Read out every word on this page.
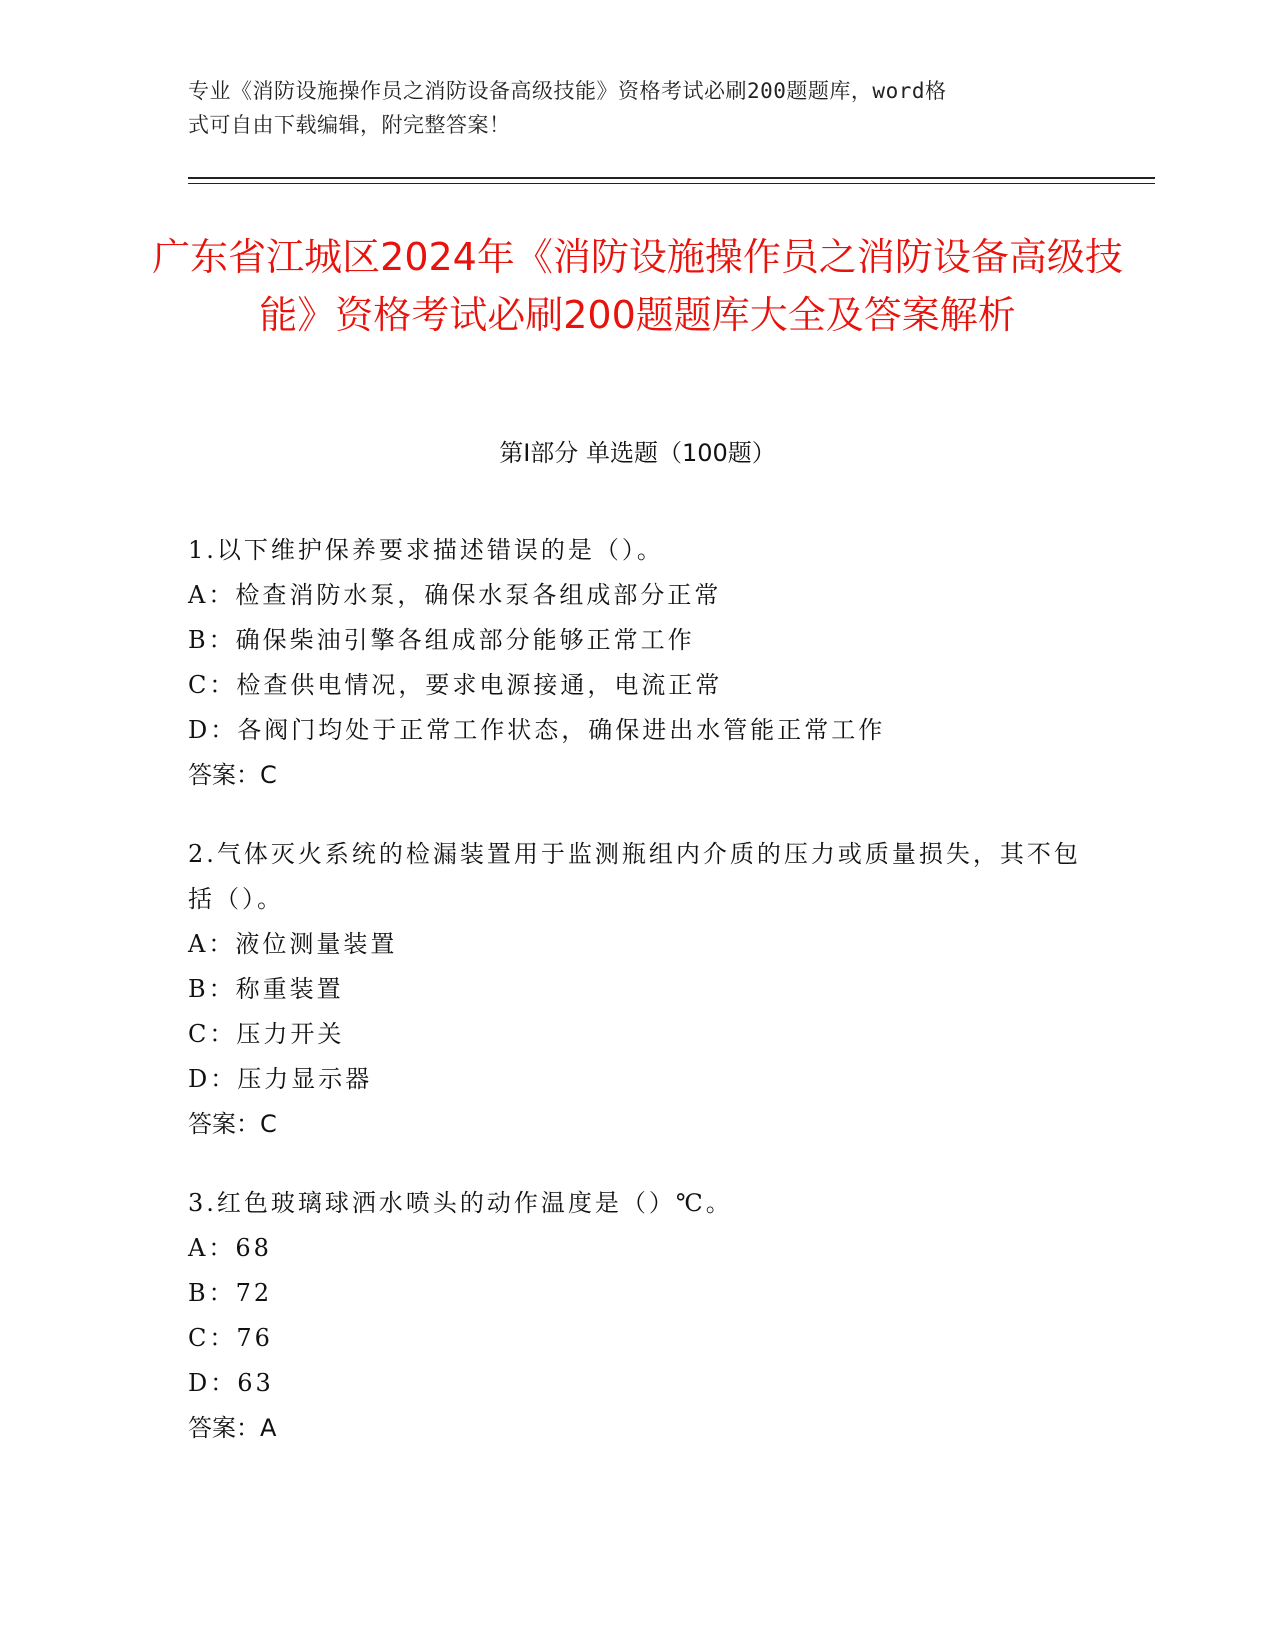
专业《消防设施操作员之消防设备高级技能》资格考试必刷200题题库，word格
式可自由下载编辑，附完整答案！
广东省江城区2024年《消防设施操作员之消防设备高级技能》资格考试必刷200题题库大全及答案解析
第I部分 单选题（100题）
1.以下维护保养要求描述错误的是（）。
A：检查消防水泵，确保水泵各组成部分正常
B：确保柴油引擎各组成部分能够正常工作
C：检查供电情况，要求电源接通，电流正常
D：各阀门均处于正常工作状态，确保进出水管能正常工作
答案：C
2.气体灭火系统的检漏装置用于监测瓶组内介质的压力或质量损失，其不包括（）。
A：液位测量装置
B：称重装置
C：压力开关
D：压力显示器
答案：C
3.红色玻璃球洒水喷头的动作温度是（）℃。
A：68
B：72
C：76
D：63
答案：A
